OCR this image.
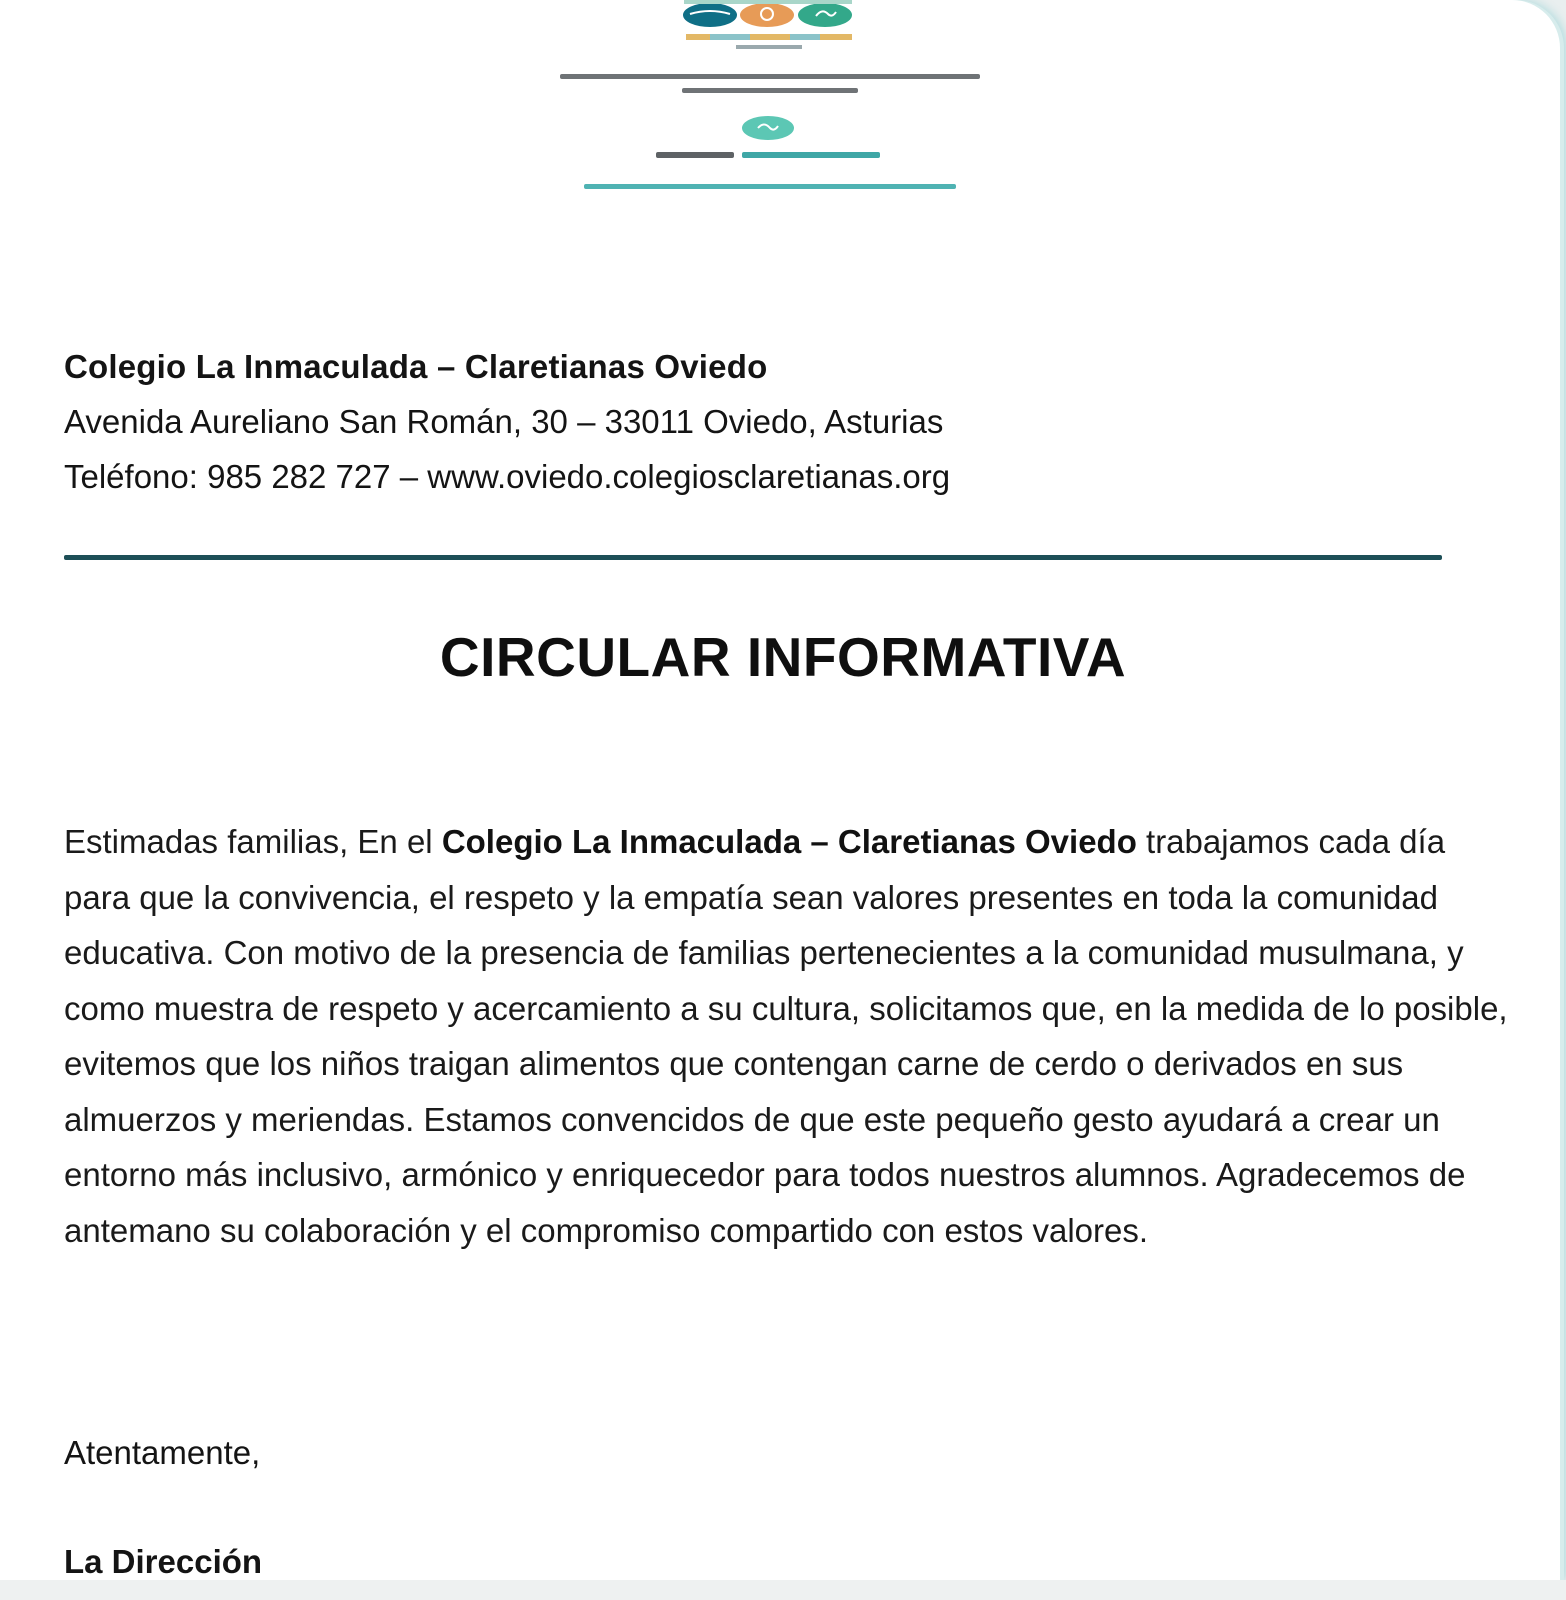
Colegio La Inmaculada – Claretianas Oviedo
Avenida Aureliano San Román, 30 – 33011 Oviedo, Asturias
Teléfono: 985 282 727 – www.oviedo.colegiosclaretianas.org
CIRCULAR INFORMATIVA
Estimadas familias, En el Colegio La Inmaculada – Claretianas Oviedo trabajamos cada día para que la convivencia, el respeto y la empatía sean valores presentes en toda la comunidad educativa. Con motivo de la presencia de familias pertenecientes a la comunidad musulmana, y como muestra de respeto y acercamiento a su cultura, solicitamos que, en la medida de lo posible, evitemos que los niños traigan alimentos que contengan carne de cerdo o derivados en sus almuerzos y meriendas. Estamos convencidos de que este pequeño gesto ayudará a crear un entorno más inclusivo, armónico y enriquecedor para todos nuestros alumnos. Agradecemos de antemano su colaboración y el compromiso compartido con estos valores.
Atentamente,
La Dirección
